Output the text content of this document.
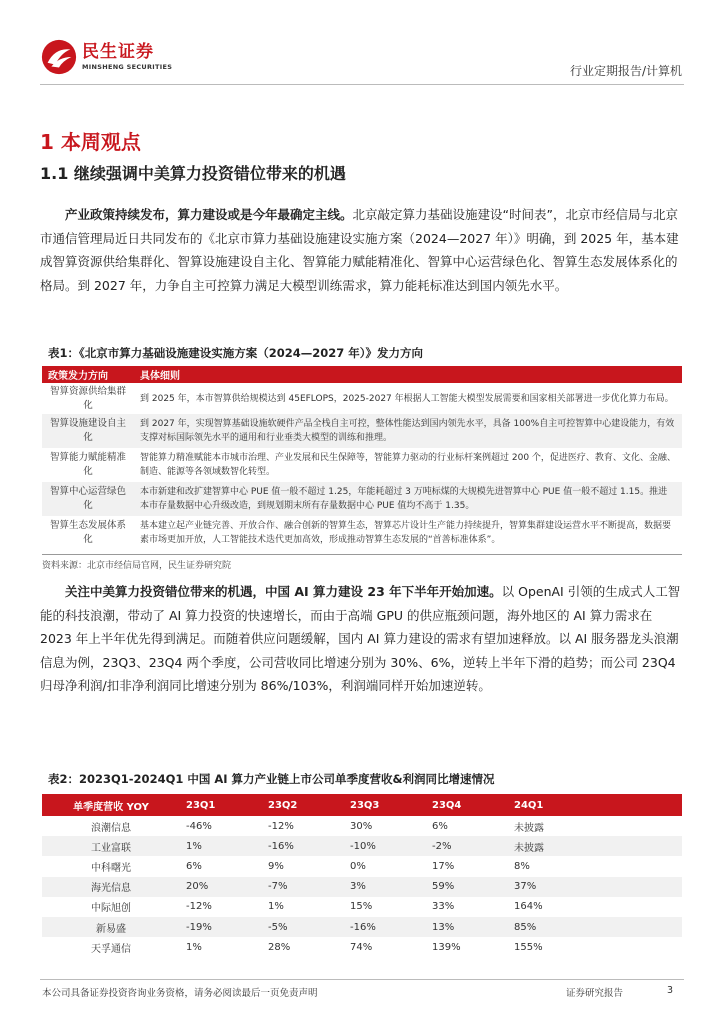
民生证券
MINSHENG SECURITIES	行业定期报告/计算机
1 本周观点
1.1 继续强调中美算力投资错位带来的机遇

产业政策持续发布，算力建设或是今年最确定主线。北京敲定算力基础设施建设“时间表”，北京市经信局与北京市通信管理局近日共同发布的《北京市算力基础设施建设实施方案（2024—2027 年）》明确，到 2025 年，基本建成智算资源供给集群化、智算设施建设自主化、智算能力赋能精准化、智算中心运营绿色化、智算生态发展体系化的格局。到 2027 年，力争自主可控算力满足大模型训练需求，算力能耗标准达到国内领先水平。

表1：《北京市算力基础设施建设实施方案（2024—2027 年）》发力方向
政策发力方向	具体细则
智算资源供给集群化	到 2025 年，本市智算供给规模达到 45EFLOPS，2025-2027 年根据人工智能大模型发展需要和国家相关部署进一步优化算力布局。
智算设施建设自主化	到 2027 年，实现智算基础设施软硬件产品全栈自主可控，整体性能达到国内领先水平，具备 100%自主可控智算中心建设能力，有效支撑对标国际领先水平的通用和行业垂类大模型的训练和推理。
智算能力赋能精准化	智能算力精准赋能本市城市治理、产业发展和民生保障等，智能算力驱动的行业标杆案例超过 200 个，促进医疗、教育、文化、金融、制造、能源等各领域数智化转型。
智算中心运营绿色化	本市新建和改扩建智算中心 PUE 值一般不超过 1.25，年能耗超过 3 万吨标煤的大规模先进智算中心 PUE 值一般不超过 1.15。推进本市存量数据中心升级改造，到规划期末所有存量数据中心 PUE 值均不高于 1.35。
智算生态发展体系化	基本建立起产业链完善、开放合作、融合创新的智算生态，智算芯片设计生产能力持续提升，智算集群建设运营水平不断提高，数据要素市场更加开放，人工智能技术迭代更加高效，形成推动智算生态发展的“首善标准体系”。
资料来源：北京市经信局官网，民生证券研究院

关注中美算力投资错位带来的机遇，中国 AI 算力建设 23 年下半年开始加速。以 OpenAI 引领的生成式人工智能的科技浪潮，带动了 AI 算力投资的快速增长，而由于高端 GPU 的供应瓶颈问题，海外地区的 AI 算力需求在 2023 年上半年优先得到满足。而随着供应问题缓解，国内 AI 算力建设的需求有望加速释放。以 AI 服务器龙头浪潮信息为例，23Q3、23Q4 两个季度，公司营收同比增速分别为 30%、6%，逆转上半年下滑的趋势；而公司 23Q4 归母净利润/扣非净利润同比增速分别为 86%/103%，利润端同样开始加速逆转。

表2：2023Q1-2024Q1 中国 AI 算力产业链上市公司单季度营收&利润同比增速情况
单季度营收 YOY	23Q1	23Q2	23Q3	23Q4	24Q1
浪潮信息	-46%	-12%	30%	6%	未披露
工业富联	1%	-16%	-10%	-2%	未披露
中科曙光	6%	9%	0%	17%	8%
海光信息	20%	-7%	3%	59%	37%
中际旭创	-12%	1%	15%	33%	164%
新易盛	-19%	-5%	-16%	13%	85%
天孚通信	1%	28%	74%	139%	155%
本公司具备证券投资咨询业务资格，请务必阅读最后一页免责声明	证券研究报告	3
